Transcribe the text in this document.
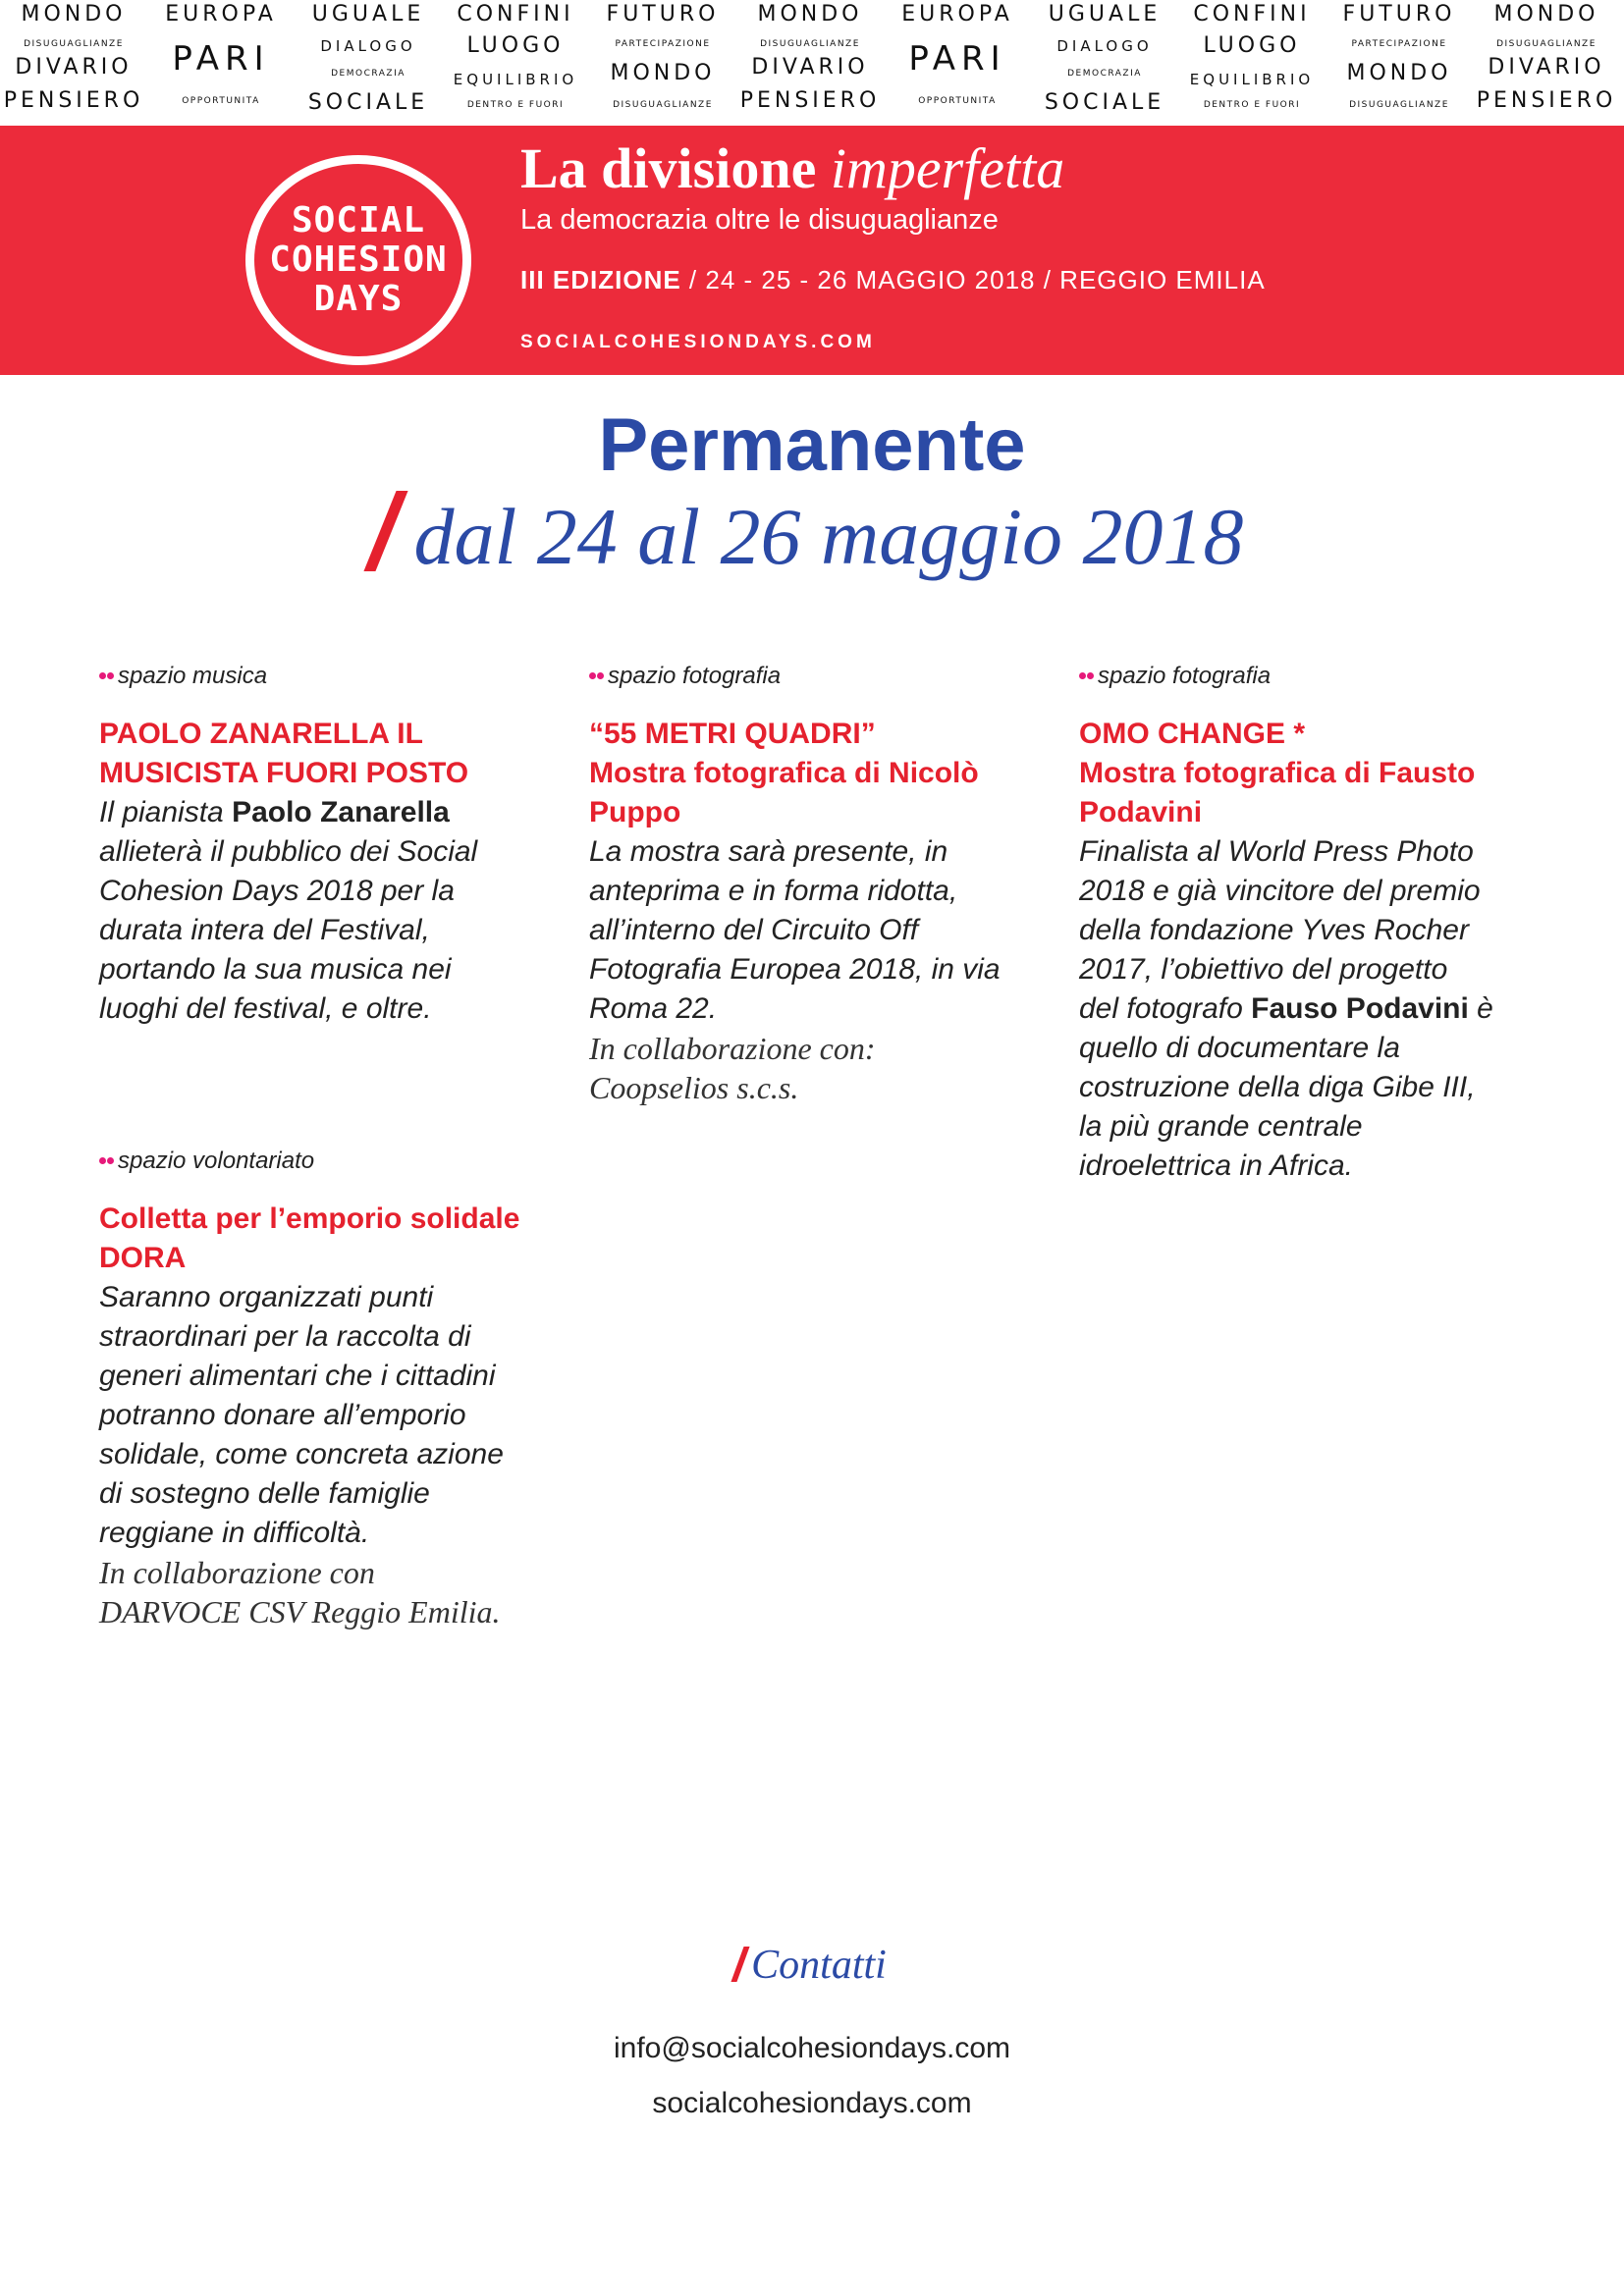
MONDO
DISUGUAGLIANZE
DIVARIO
PENSIERO
EUROPA
PARI
OPPORTUNITÀ
UGUALE
DIALOGO
DEMOCRAZIA
SOCIALE
CONFINI
LUOGO
EQUILIBRIO
DENTRO E FUORI
FUTURO
PARTECIPAZIONE
MONDO
DISUGUAGLIANZE
MONDO
DISUGUAGLIANZE
DIVARIO
PENSIERO
EUROPA
PARI
OPPORTUNITÀ
UGUALE
DIALOGO
DEMOCRAZIA
SOCIALE
CONFINI
LUOGO
EQUILIBRIO
DENTRO E FUORI
FUTURO
PARTECIPAZIONE
MONDO
DISUGUAGLIANZE
MONDO
DISUGUAGLIANZE
DIVARIO
PENSIERO
SOCIAL
COHESION
DAYS
La divisione imperfetta
La democrazia oltre le disuguaglianze
III EDIZIONE / 24 - 25 - 26 MAGGIO 2018 / REGGIO EMILIA
SOCIALCOHESIONDAYS.COM
Permanente
dal 24 al 26 maggio 2018
spazio musica
PAOLO ZANARELLA IL
MUSICISTA FUORI POSTO
Il pianista Paolo Zanarella
allieterà il pubblico dei Social
Cohesion Days 2018 per la
durata intera del Festival,
portando la sua musica nei
luoghi del festival, e oltre.
spazio fotografia
“55 METRI QUADRI”
Mostra fotografica di Nicolò
Puppo
La mostra sarà presente, in
anteprima e in forma ridotta,
all’interno del Circuito Off
Fotografia Europea 2018, in via
Roma 22.
In collaborazione con:
Coopselios s.c.s.
spazio fotografia
OMO CHANGE *
Mostra fotografica di Fausto
Podavini
Finalista al World Press Photo
2018 e già vincitore del premio
della fondazione Yves Rocher
2017, l’obiettivo del progetto
del fotografo Fauso Podavini è
quello di documentare la
costruzione della diga Gibe III,
la più grande centrale
idroelettrica in Africa.
spazio volontariato
Colletta per l’emporio solidale
DORA
Saranno organizzati punti
straordinari per la raccolta di
generi alimentari che i cittadini
potranno donare all’emporio
solidale, come concreta azione
di sostegno delle famiglie
reggiane in difficoltà.
In collaborazione con
DARVOCE CSV Reggio Emilia.
Contatti
info@socialcohesiondays.com
socialcohesiondays.com
